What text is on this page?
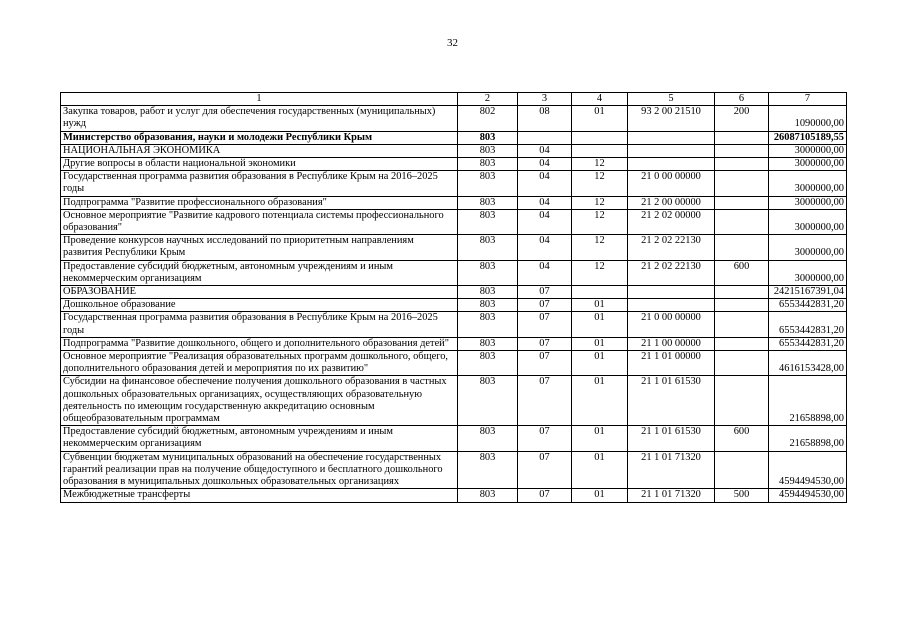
32
1	2	3	4	5	6	7
Закупка товаров, работ и услуг для обеспечения государственных (муниципальных) нужд	802	08	01	93 2 00 21510	200	1090000,00
Министерство образования, науки и молодежи Республики Крым	803					26087105189,55
НАЦИОНАЛЬНАЯ ЭКОНОМИКА	803	04				3000000,00
Другие вопросы в области национальной экономики	803	04	12			3000000,00
Государственная программа развития образования в Республике Крым на 2016–2025 годы	803	04	12	21 0 00 00000		3000000,00
Подпрограмма "Развитие профессионального образования"	803	04	12	21 2 00 00000		3000000,00
Основное мероприятие "Развитие кадрового потенциала системы профессионального образования"	803	04	12	21 2 02 00000		3000000,00
Проведение конкурсов научных исследований по приоритетным направлениям развития Республики Крым	803	04	12	21 2 02 22130		3000000,00
Предоставление субсидий бюджетным, автономным учреждениям и иным некоммерческим организациям	803	04	12	21 2 02 22130	600	3000000,00
ОБРАЗОВАНИЕ	803	07				24215167391,04
Дошкольное образование	803	07	01			6553442831,20
Государственная программа развития образования в Республике Крым на 2016–2025 годы	803	07	01	21 0 00 00000		6553442831,20
Подпрограмма "Развитие дошкольного, общего и дополнительного образования детей"	803	07	01	21 1 00 00000		6553442831,20
Основное мероприятие "Реализация образовательных программ дошкольного, общего, дополнительного образования детей и мероприятия по их развитию"	803	07	01	21 1 01 00000		4616153428,00
Субсидии на финансовое обеспечение получения дошкольного образования в частных дошкольных образовательных организациях, осуществляющих образовательную деятельность по имеющим государственную аккредитацию основным общеобразовательным программам	803	07	01	21 1 01 61530		21658898,00
Предоставление субсидий бюджетным, автономным учреждениям и иным некоммерческим организациям	803	07	01	21 1 01 61530	600	21658898,00
Субвенции бюджетам муниципальных образований на обеспечение государственных гарантий реализации прав на получение общедоступного и бесплатного дошкольного образования в муниципальных дошкольных образовательных организациях	803	07	01	21 1 01 71320		4594494530,00
Межбюджетные трансферты	803	07	01	21 1 01 71320	500	4594494530,00
